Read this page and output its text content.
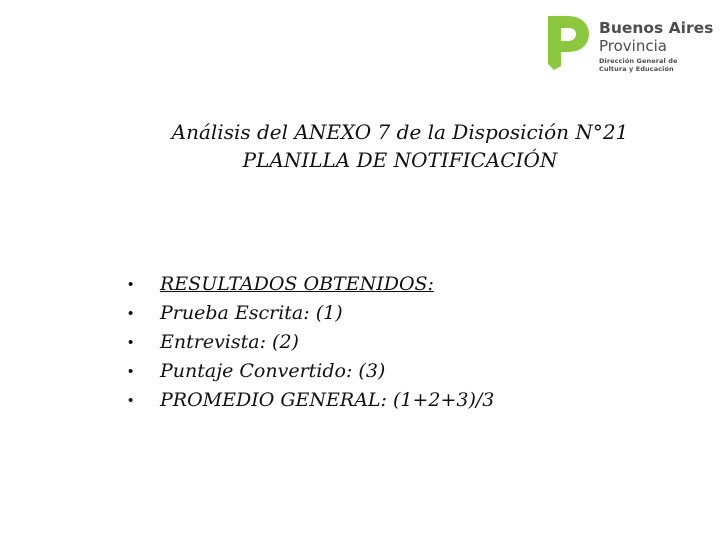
Buenos Aires
Provincia
Dirección General de
Cultura y Educación
Análisis del ANEXO 7 de la Disposición N°21
PLANILLA DE NOTIFICACIÓN
• RESULTADOS OBTENIDOS:
• Prueba Escrita: (1)
• Entrevista: (2)
• Puntaje Convertido: (3)
• PROMEDIO GENERAL: (1+2+3)/3
